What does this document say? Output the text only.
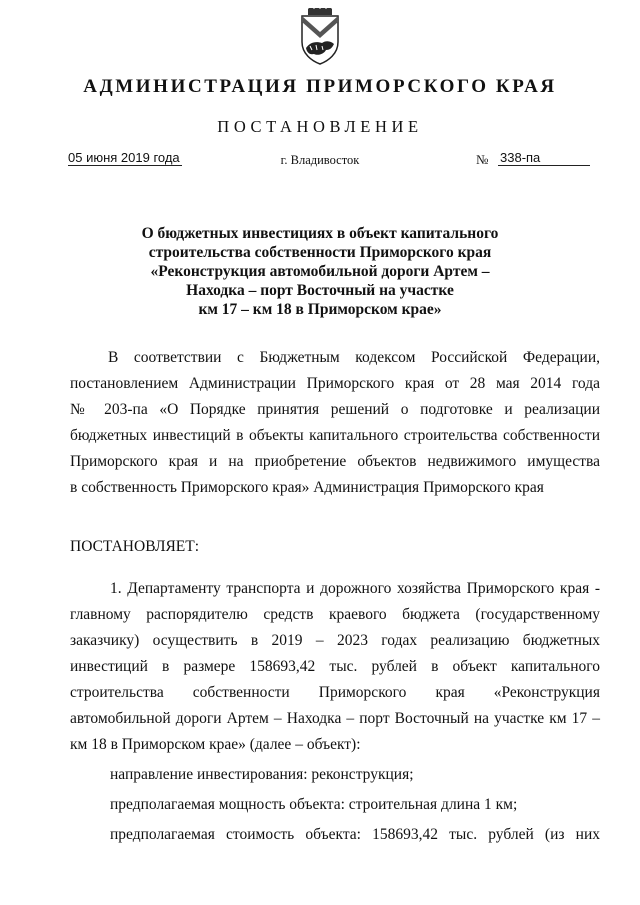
АДМИНИСТРАЦИЯ ПРИМОРСКОГО КРАЯ
ПОСТАНОВЛЕНИЕ
05 июня 2019 года	г. Владивосток	№ 338-па
О бюджетных инвестициях в объект капитального
строительства собственности Приморского края
«Реконструкция автомобильной дороги Артем –
Находка – порт Восточный на участке
км 17 – км 18 в Приморском крае»
В соответствии с Бюджетным кодексом Российской Федерации,
постановлением Администрации Приморского края от 28 мая 2014 года
№ 203-па «О Порядке принятия решений о подготовке и реализации
бюджетных инвестиций в объекты капитального строительства собственности
Приморского края и на приобретение объектов недвижимого имущества
в собственность Приморского края» Администрация Приморского края
ПОСТАНОВЛЯЕТ:
1. Департаменту транспорта и дорожного хозяйства Приморского края -
главному распорядителю средств краевого бюджета (государственному
заказчику) осуществить в 2019 – 2023 годах реализацию бюджетных
инвестиций в размере 158693,42 тыс. рублей в объект капитального
строительства собственности Приморского края «Реконструкция
автомобильной дороги Артем – Находка – порт Восточный на участке км 17 –
км 18 в Приморском крае» (далее – объект):
направление инвестирования: реконструкция;
предполагаемая мощность объекта: строительная длина 1 км;
предполагаемая стоимость объекта: 158693,42 тыс. рублей (из них
